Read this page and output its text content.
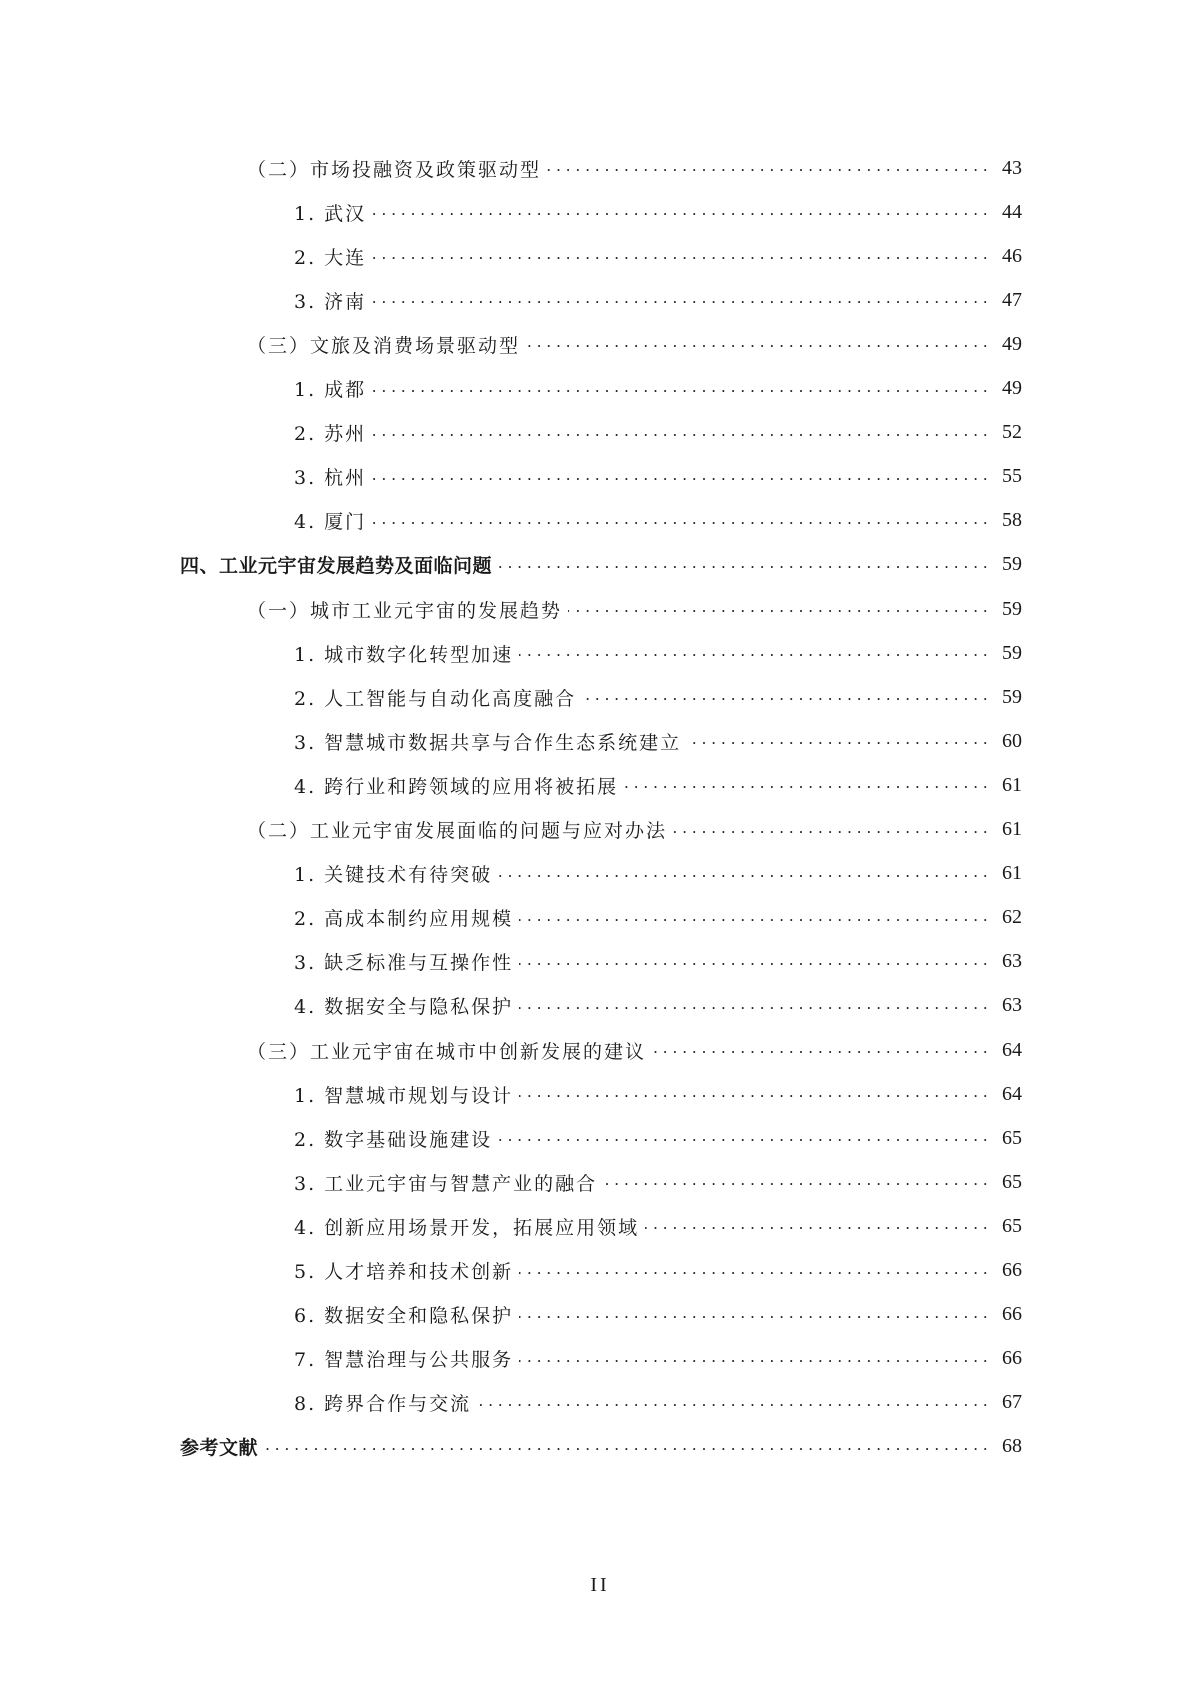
（二）市场投融资及政策驱动型 . . .	43
1. 武汉 . . .	44
2. 大连 . . .	46
3. 济南 . . .	47
（三）文旅及消费场景驱动型 . . .	49
1. 成都 . . .	49
2. 苏州 . . .	52
3. 杭州 . . .	55
4. 厦门 . . .	58
四、工业元宇宙发展趋势及面临问题 . . .	59
（一）城市工业元宇宙的发展趋势 . . .	59
1. 城市数字化转型加速 . . .	59
2. 人工智能与自动化高度融合 . . .	59
3. 智慧城市数据共享与合作生态系统建立 . . .	60
4. 跨行业和跨领域的应用将被拓展 . . .	61
（二）工业元宇宙发展面临的问题与应对办法 . . .	61
1. 关键技术有待突破 . . .	61
2. 高成本制约应用规模 . . .	62
3. 缺乏标准与互操作性 . . .	63
4. 数据安全与隐私保护 . . .	63
（三）工业元宇宙在城市中创新发展的建议 . . .	64
1. 智慧城市规划与设计 . . .	64
2. 数字基础设施建设 . . .	65
3. 工业元宇宙与智慧产业的融合 . . .	65
4. 创新应用场景开发，拓展应用领域 . . .	65
5. 人才培养和技术创新 . . .	66
6. 数据安全和隐私保护 . . .	66
7. 智慧治理与公共服务 . . .	66
8. 跨界合作与交流 . . .	67
参考文献 . . .	68
II
